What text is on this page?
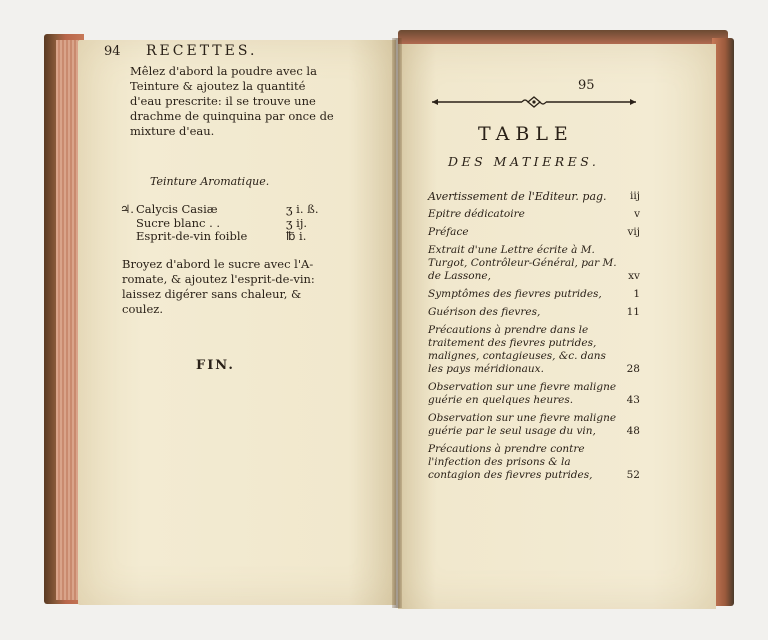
94 RECETTES.
Mêlez d'abord la poudre avec la
Teinture & ajoutez la quantité
d'eau prescrite: il se trouve une
drachme de quinquina par once de
mixture d'eau.
Teinture Aromatique.
♃. Calycis Casiæ	ʒ i. ß.
Sucre blanc . .	ʒ ij.
Esprit-de-vin foible	℔ i.
Broyez d'abord le sucre avec l'A-
romate, & ajoutez l'esprit-de-vin:
laissez digérer sans chaleur, &
coulez.
FIN.
95
TABLE
DES MATIERES.
Avertissement de l'Editeur. pag.	iij
Epitre dédicatoire	v
Préface	vij
Extrait d'une Lettre écrite à M. Turgot, Contrôleur-Général, par M. de Lassone,	xv
Symptômes des fievres putrides,	1
Guérison des fievres,	11
Précautions à prendre dans le traitement des fievres putrides, malignes, contagieuses, &c. dans les pays méridionaux.	28
Observation sur une fievre maligne guérie en quelques heures.	43
Observation sur une fievre maligne guérie par le seul usage du vin,	48
Précautions à prendre contre l'infection des prisons & la contagion des fievres putrides,	52
